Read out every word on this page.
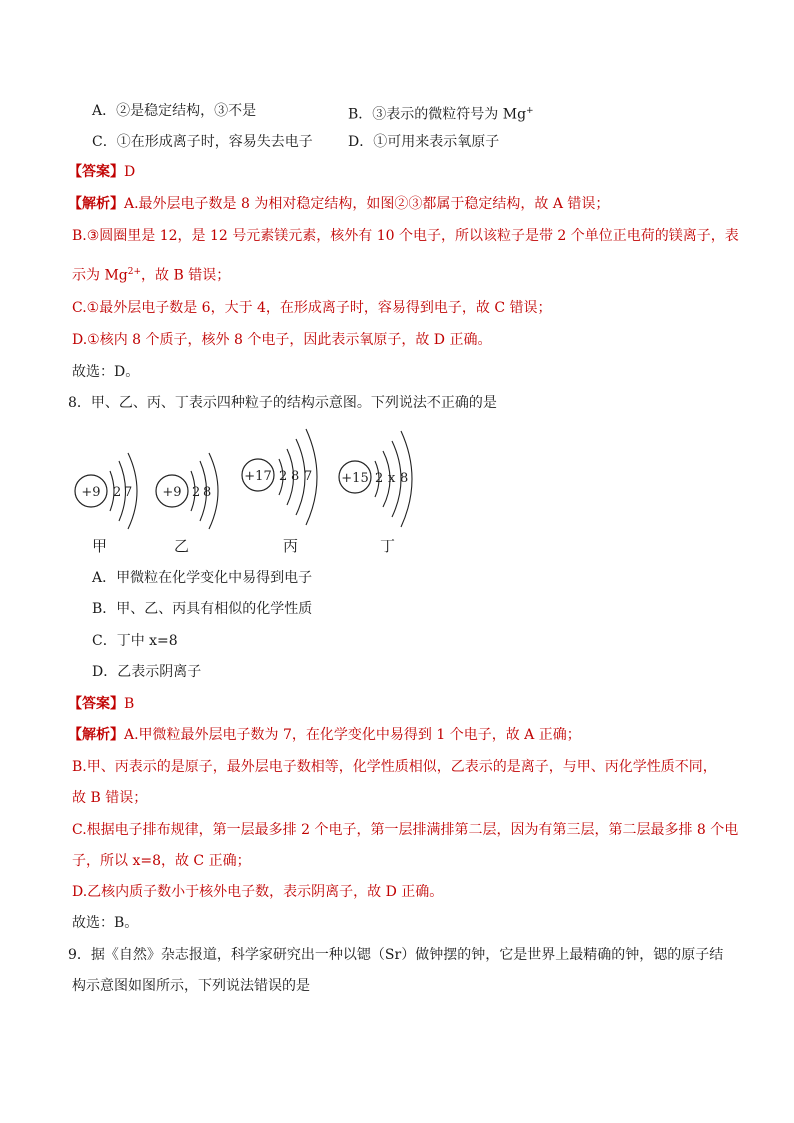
A．②是稳定结构，③不是	B．③表示的微粒符号为 Mg+
C．①在形成离子时，容易失去电子	D．①可用来表示氧原子
【答案】D
【解析】A.最外层电子数是 8 为相对稳定结构，如图②③都属于稳定结构，故 A 错误；
B.③圆圈里是 12，是 12 号元素镁元素，核外有 10 个电子，所以该粒子是带 2 个单位正电荷的镁离子，表
示为 $Mg^{2+}$，故 B 错误；
C.①最外层电子数是 6，大于 4，在形成离子时，容易得到电子，故 C 错误；
D.①核内 8 个质子，核外 8 个电子，因此表示氧原子，故 D 正确。
故选：D。
8．甲、乙、丙、丁表示四种粒子的结构示意图。下列说法不正确的是
+9 2 7 +9 2 8
+17 2 8 7 +15 2 x 8
甲	乙	丙	丁
A．甲微粒在化学变化中易得到电子
B．甲、乙、丙具有相似的化学性质
C．丁中 x=8
D．乙表示阴离子
【答案】B
【解析】A.甲微粒最外层电子数为 7，在化学变化中易得到 1 个电子，故 A 正确；
B.甲、丙表示的是原子，最外层电子数相等，化学性质相似，乙表示的是离子，与甲、丙化学性质不同，
故 B 错误；
C.根据电子排布规律，第一层最多排 2 个电子，第一层排满排第二层，因为有第三层，第二层最多排 8 个电
子，所以 x=8，故 C 正确；
D.乙核内质子数小于核外电子数，表示阴离子，故 D 正确。
故选：B。
9．据《自然》杂志报道，科学家研究出一种以锶（Sr）做钟摆的钟，它是世界上最精确的钟，锶的原子结
构示意图如图所示，下列说法错误的是
